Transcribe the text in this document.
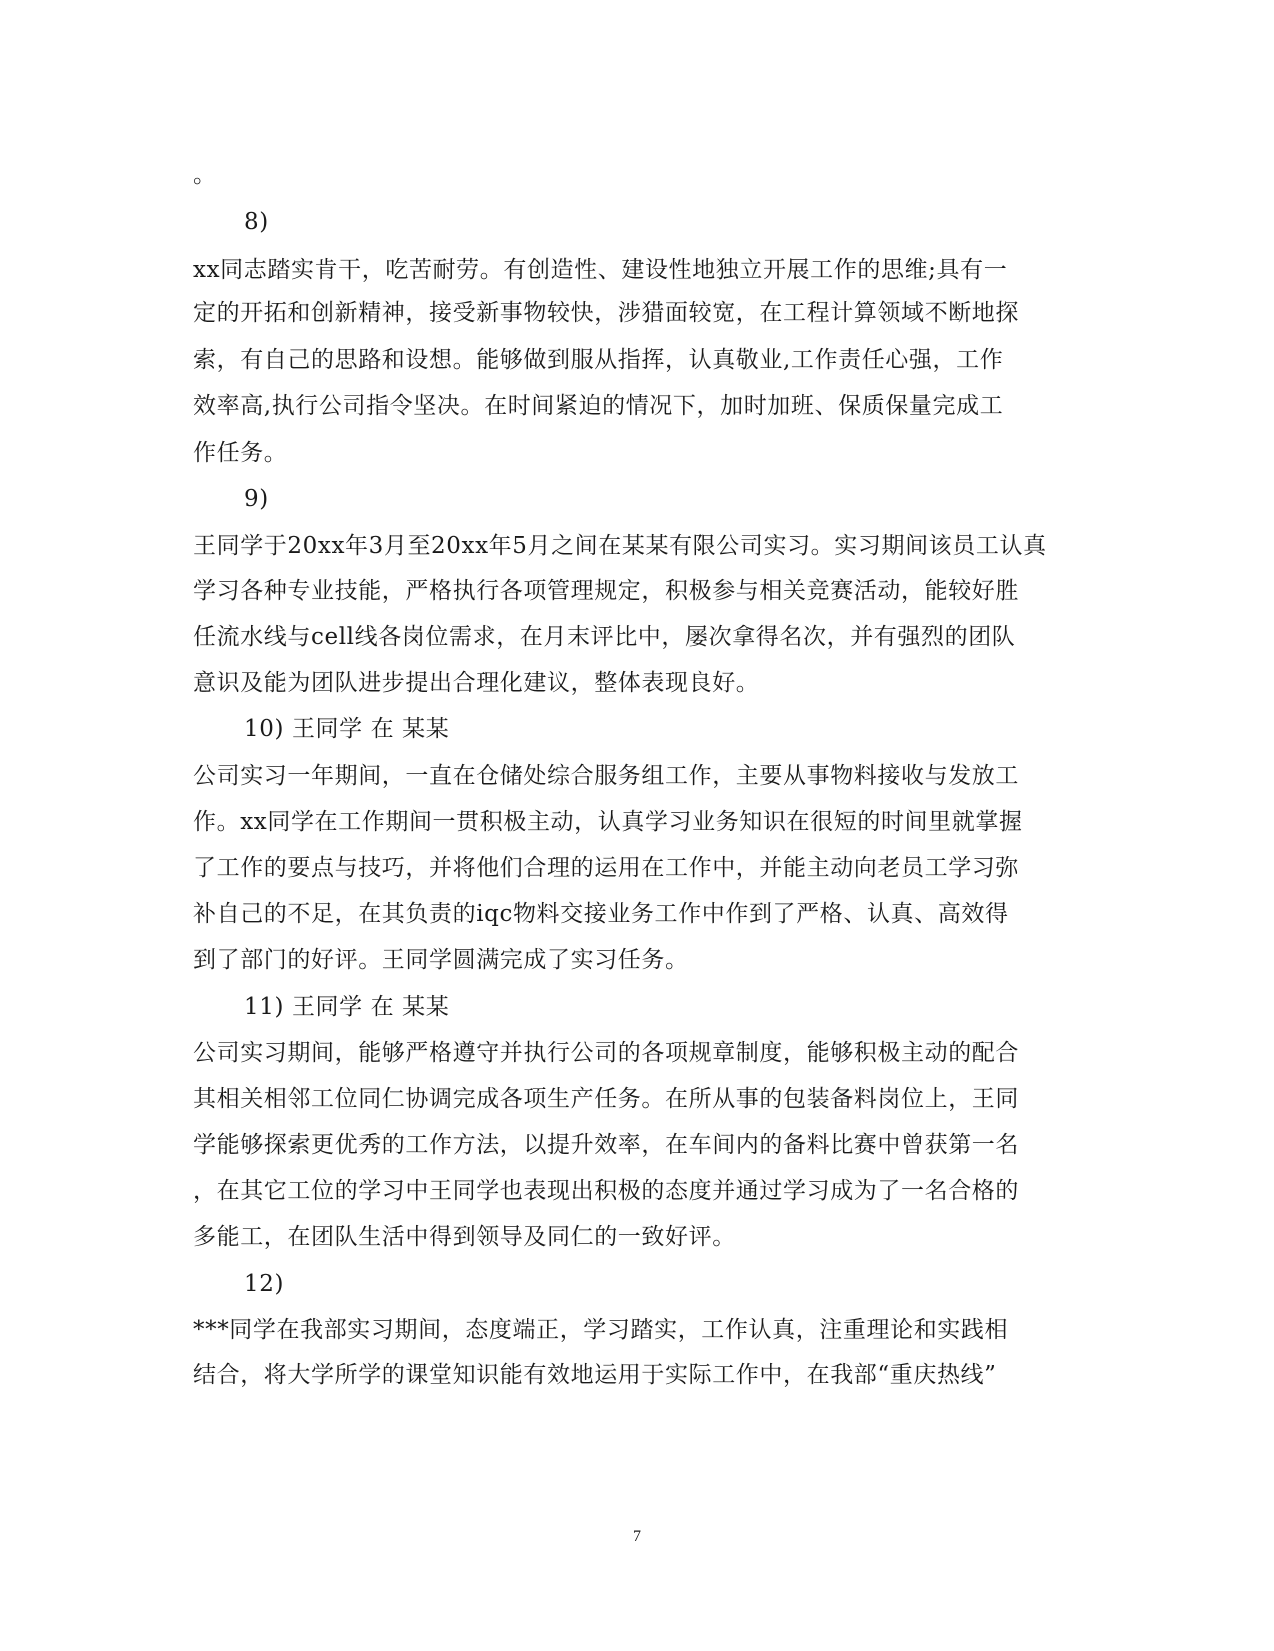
。
8)
xx同志踏实肯干，吃苦耐劳。有创造性、建设性地独立开展工作的思维;具有一
定的开拓和创新精神，接受新事物较快，涉猎面较宽，在工程计算领域不断地探
索，有自己的思路和设想。能够做到服从指挥，认真敬业,工作责任心强，工作
效率高,执行公司指令坚决。在时间紧迫的情况下，加时加班、保质保量完成工
作任务。
9)
王同学于20xx年3月至20xx年5月之间在某某有限公司实习。实习期间该员工认真
学习各种专业技能，严格执行各项管理规定，积极参与相关竞赛活动，能较好胜
任流水线与cell线各岗位需求，在月末评比中，屡次拿得名次，并有强烈的团队
意识及能为团队进步提出合理化建议，整体表现良好。
10) 王同学 在 某某
公司实习一年期间，一直在仓储处综合服务组工作，主要从事物料接收与发放工
作。xx同学在工作期间一贯积极主动，认真学习业务知识在很短的时间里就掌握
了工作的要点与技巧，并将他们合理的运用在工作中，并能主动向老员工学习弥
补自己的不足，在其负责的iqc物料交接业务工作中作到了严格、认真、高效得
到了部门的好评。王同学圆满完成了实习任务。
11) 王同学 在 某某
公司实习期间，能够严格遵守并执行公司的各项规章制度，能够积极主动的配合
其相关相邻工位同仁协调完成各项生产任务。在所从事的包装备料岗位上，王同
学能够探索更优秀的工作方法，以提升效率，在车间内的备料比赛中曾获第一名
，在其它工位的学习中王同学也表现出积极的态度并通过学习成为了一名合格的
多能工，在团队生活中得到领导及同仁的一致好评。
12)
***同学在我部实习期间，态度端正，学习踏实，工作认真，注重理论和实践相
结合，将大学所学的课堂知识能有效地运用于实际工作中，在我部“重庆热线”
7
